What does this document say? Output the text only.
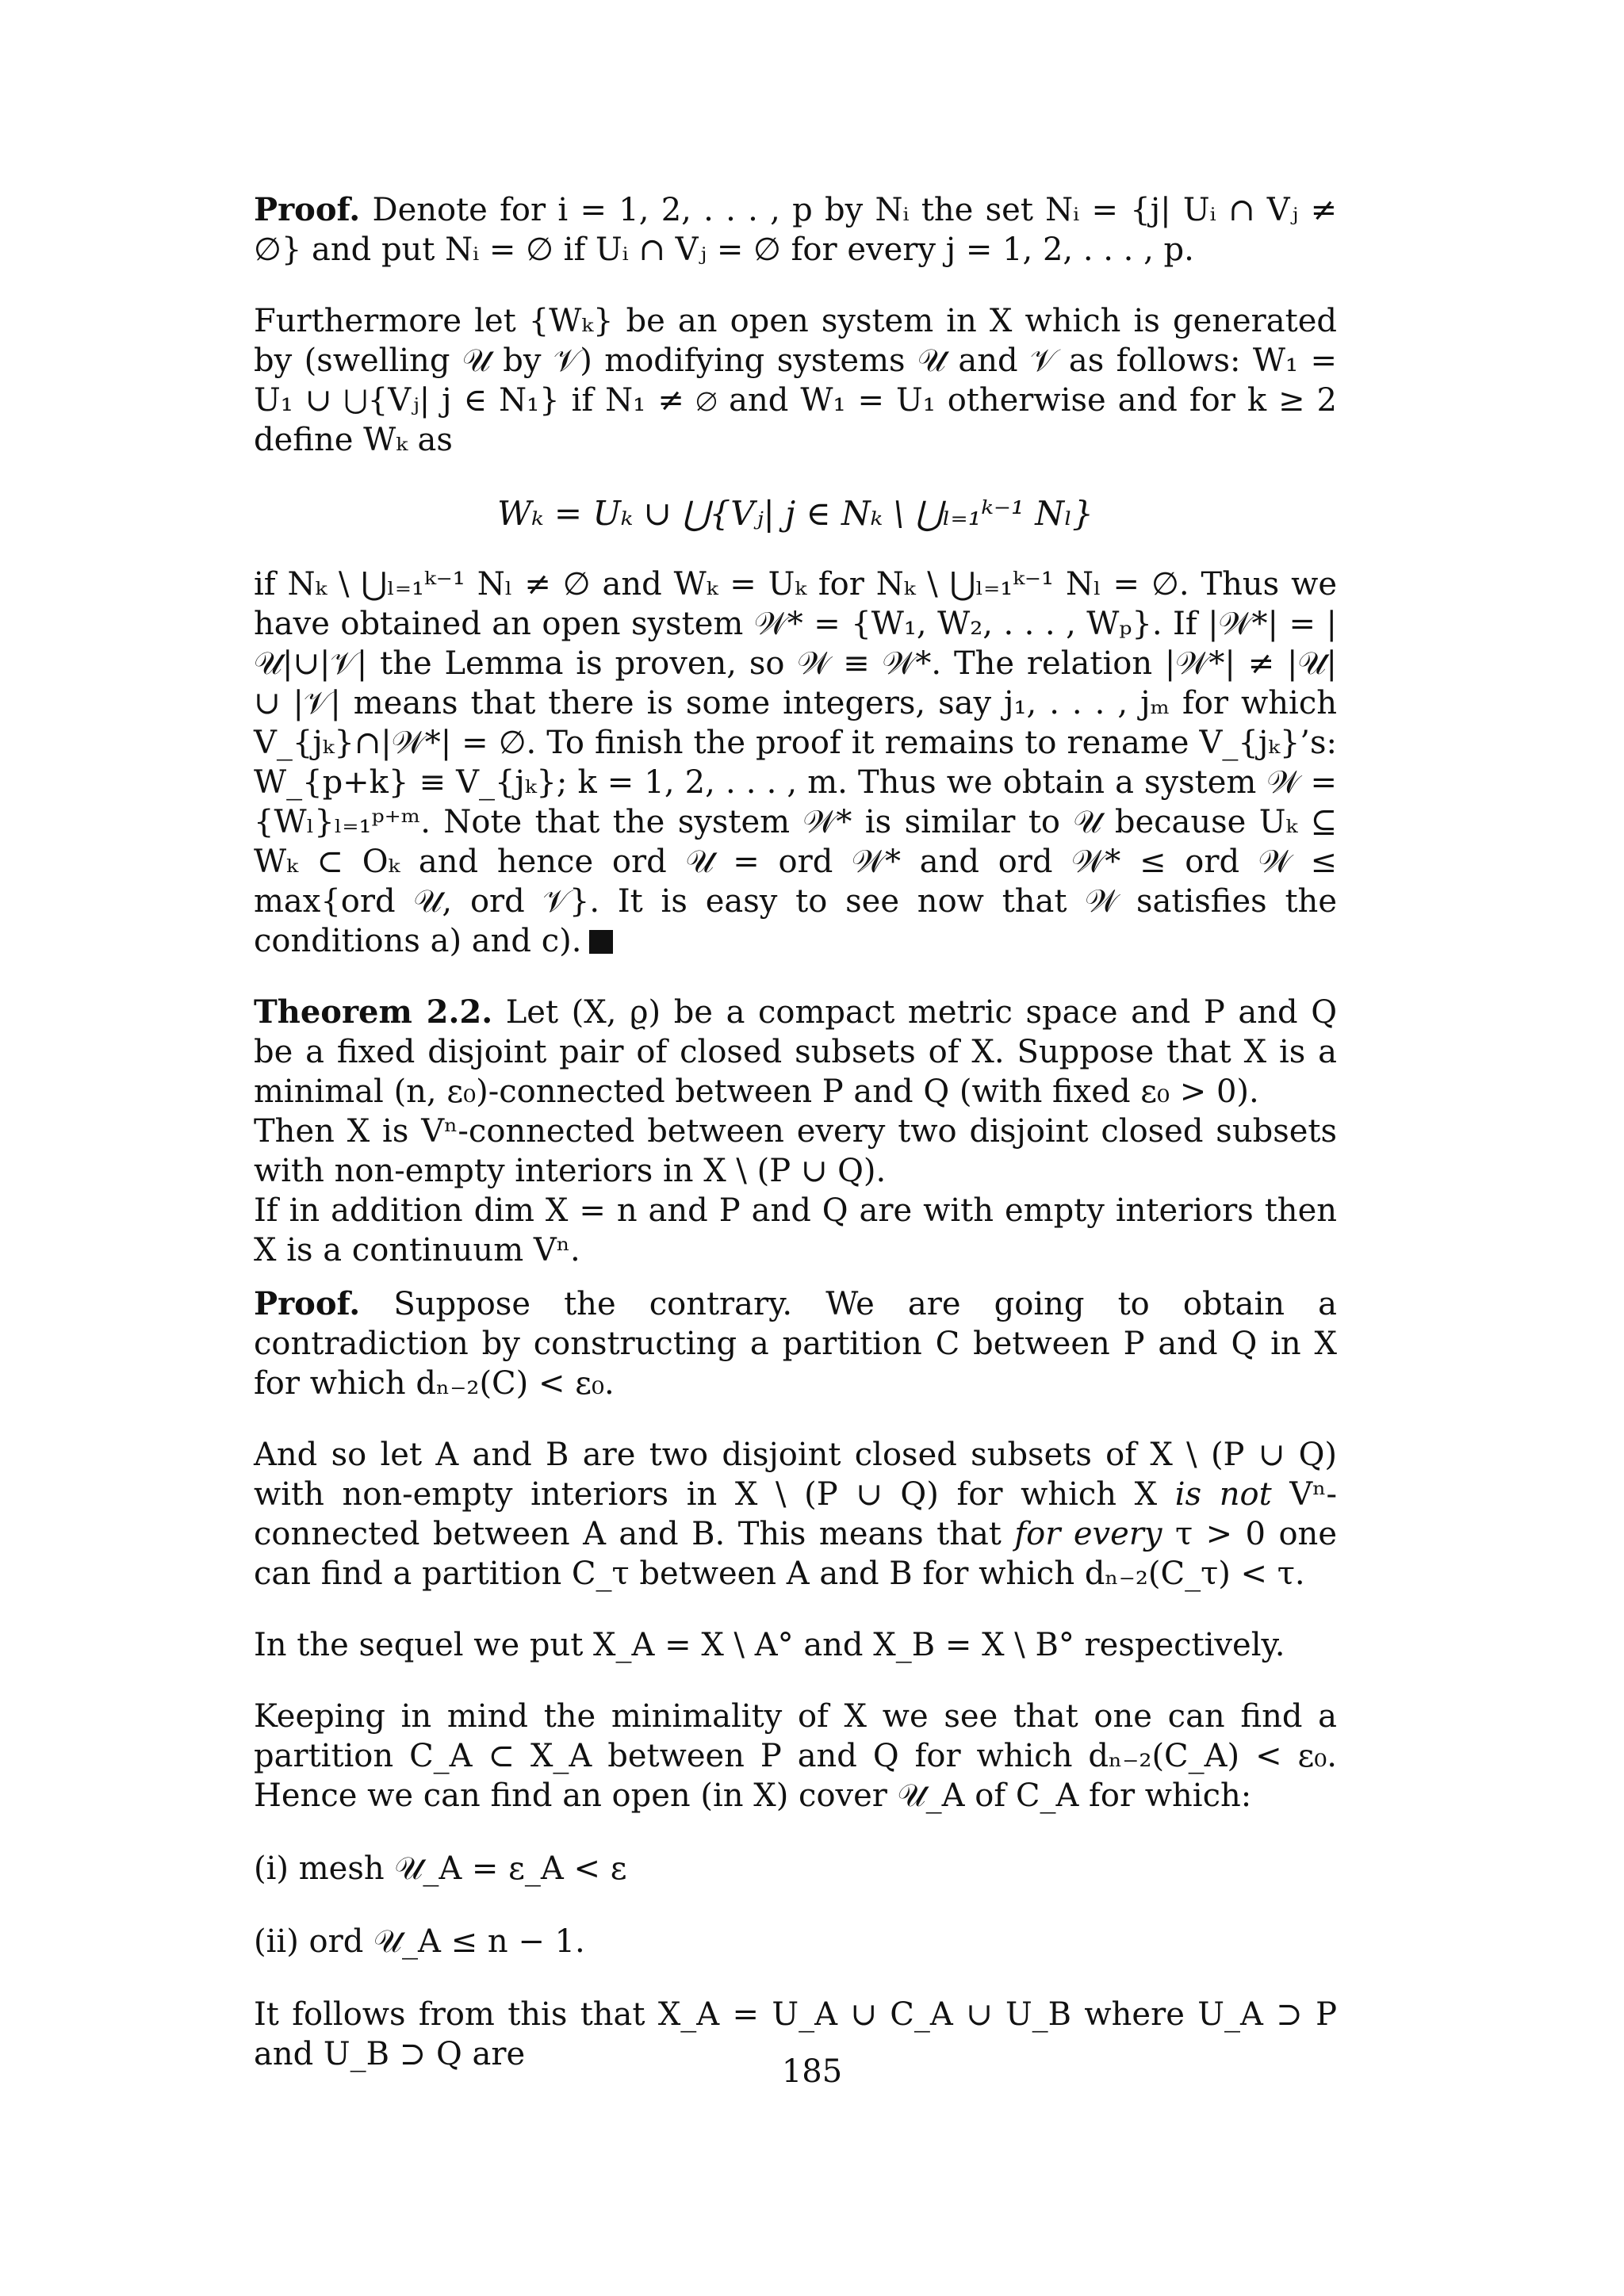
Proof. Denote for i = 1, 2, . . . , p by Nᵢ the set Nᵢ = {j| Uᵢ ∩ Vⱼ ≠ ∅} and put Nᵢ = ∅ if Uᵢ ∩ Vⱼ = ∅ for every j = 1, 2, . . . , p.

Furthermore let {Wₖ} be an open system in X which is generated by (swelling 𝒰 by 𝒱) modifying systems 𝒰 and 𝒱 as follows: W₁ = U₁ ∪ ⋃{Vⱼ| j ∈ N₁} if N₁ ≠ ∅ and W₁ = U₁ otherwise and for k ≥ 2 define Wₖ as

Wₖ = Uₖ ∪ ⋃{Vⱼ| j ∈ Nₖ \ ⋃ₗ₌₁ᵏ⁻¹ Nₗ}

if Nₖ \ ⋃ₗ₌₁ᵏ⁻¹ Nₗ ≠ ∅ and Wₖ = Uₖ for Nₖ \ ⋃ₗ₌₁ᵏ⁻¹ Nₗ = ∅. Thus we have obtained an open system 𝒲* = {W₁, W₂, . . . , Wₚ}. If |𝒲*| = |𝒰|∪|𝒱| the Lemma is proven, so 𝒲 ≡ 𝒲*. The relation |𝒲*| ≠ |𝒰| ∪ |𝒱| means that there is some integers, say j₁, . . . , jₘ for which V_{jₖ}∩|𝒲*| = ∅. To finish the proof it remains to rename V_{jₖ}’s: W_{p+k} ≡ V_{jₖ}; k = 1, 2, . . . , m. Thus we obtain a system 𝒲 = {Wₗ}ₗ₌₁ᵖ⁺ᵐ. Note that the system 𝒲* is similar to 𝒰 because Uₖ ⊆ Wₖ ⊂ Oₖ and hence ord 𝒰 = ord 𝒲* and ord 𝒲* ≤ ord 𝒲 ≤ max{ord 𝒰, ord 𝒱}. It is easy to see now that 𝒲 satisfies the conditions a) and c).

Theorem 2.2. Let (X, ϱ) be a compact metric space and P and Q be a fixed disjoint pair of closed subsets of X. Suppose that X is a minimal (n, ε₀)-connected between P and Q (with fixed ε₀ > 0).

Then X is Vⁿ-connected between every two disjoint closed subsets with non-empty interiors in X \ (P ∪ Q).

If in addition dim X = n and P and Q are with empty interiors then X is a continuum Vⁿ.

Proof. Suppose the contrary. We are going to obtain a contradiction by constructing a partition C between P and Q in X for which dₙ₋₂(C) < ε₀.

And so let A and B are two disjoint closed subsets of X \ (P ∪ Q) with non-empty interiors in X \ (P ∪ Q) for which X is not Vⁿ-connected between A and B. This means that for every τ > 0 one can find a partition C_τ between A and B for which dₙ₋₂(C_τ) < τ.

In the sequel we put X_A = X \ A° and X_B = X \ B° respectively.

Keeping in mind the minimality of X we see that one can find a partition C_A ⊂ X_A between P and Q for which dₙ₋₂(C_A) < ε₀. Hence we can find an open (in X) cover 𝒰_A of C_A for which:

(i) mesh 𝒰_A = ε_A < ε

(ii) ord 𝒰_A ≤ n − 1.

It follows from this that X_A = U_A ∪ C_A ∪ U_B where U_A ⊃ P and U_B ⊃ Q are	185
